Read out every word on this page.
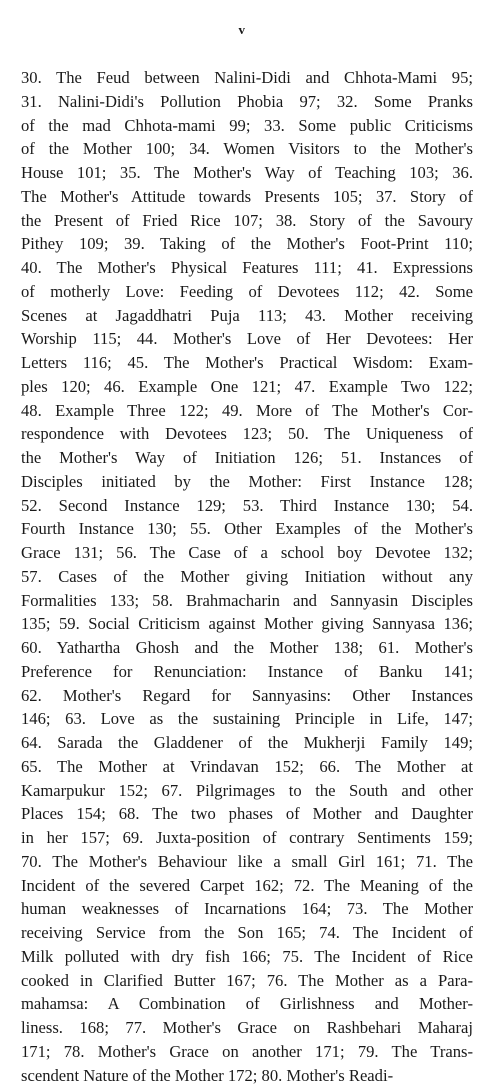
v
30. The Feud between Nalini-Didi and Chhota-Mami 95;
31. Nalini-Didi's Pollution Phobia 97; 32. Some Pranks
of the mad Chhota-mami 99; 33. Some public Criticisms
of the Mother 100; 34. Women Visitors to the Mother's
House 101; 35. The Mother's Way of Teaching 103; 36.
The Mother's Attitude towards Presents 105; 37. Story of
the Present of Fried Rice 107; 38. Story of the Savoury
Pithey 109; 39. Taking of the Mother's Foot-Print 110;
40. The Mother's Physical Features 111; 41. Expressions
of motherly Love: Feeding of Devotees 112; 42. Some
Scenes at Jagaddhatri Puja 113; 43. Mother receiving
Worship 115; 44. Mother's Love of Her Devotees: Her
Letters 116; 45. The Mother's Practical Wisdom: Exam-
ples 120; 46. Example One 121; 47. Example Two 122;
48. Example Three 122; 49. More of The Mother's Cor-
respondence with Devotees 123; 50. The Uniqueness of
the Mother's Way of Initiation 126; 51. Instances of
Disciples initiated by the Mother: First Instance 128;
52. Second Instance 129; 53. Third Instance 130; 54.
Fourth Instance 130; 55. Other Examples of the Mother's
Grace 131; 56. The Case of a school boy Devotee 132;
57. Cases of the Mother giving Initiation without any
Formalities 133; 58. Brahmacharin and Sannyasin Disciples
135; 59. Social Criticism against Mother giving Sannyasa 136;
60. Yathartha Ghosh and the Mother 138; 61. Mother's
Preference for Renunciation: Instance of Banku 141;
62. Mother's Regard for Sannyasins: Other Instances
146; 63. Love as the sustaining Principle in Life, 147;
64. Sarada the Gladdener of the Mukherji Family 149;
65. The Mother at Vrindavan 152; 66. The Mother at
Kamarpukur 152; 67. Pilgrimages to the South and other
Places 154; 68. The two phases of Mother and Daughter
in her 157; 69. Juxta-position of contrary Sentiments 159;
70. The Mother's Behaviour like a small Girl 161; 71. The
Incident of the severed Carpet 162; 72. The Meaning of the
human weaknesses of Incarnations 164; 73. The Mother
receiving Service from the Son 165; 74. The Incident of
Milk polluted with dry fish 166; 75. The Incident of Rice
cooked in Clarified Butter 167; 76. The Mother as a Para-
mahamsa: A Combination of Girlishness and Mother-
liness. 168; 77. Mother's Grace on Rashbehari Maharaj
171; 78. Mother's Grace on another 171; 79. The Trans-
scendent Nature of the Mother 172; 80. Mother's Readi-
